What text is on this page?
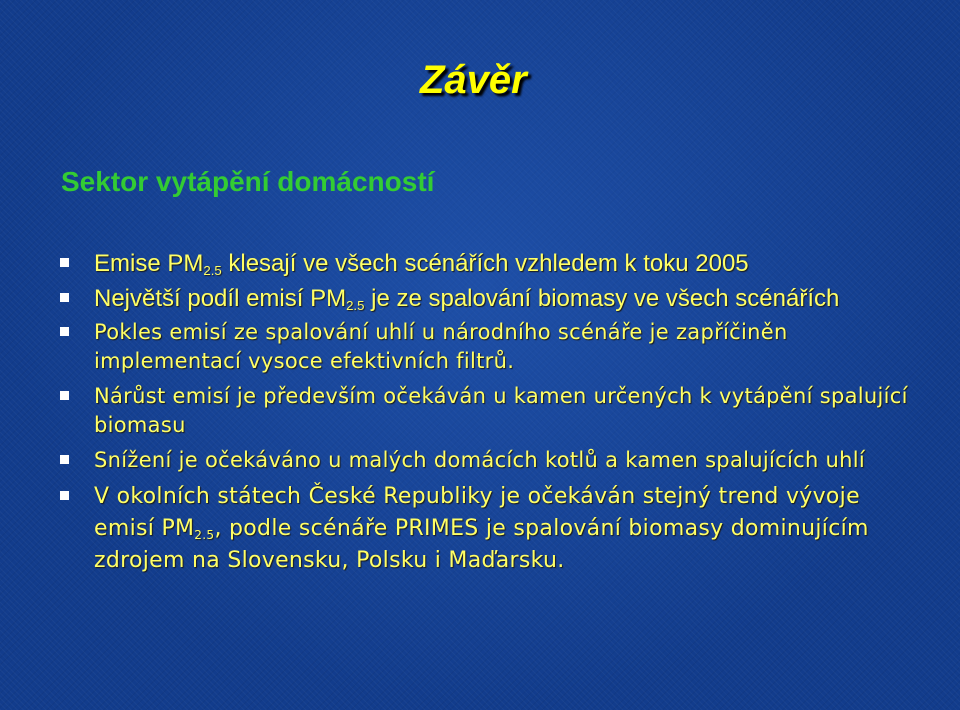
Závěr
Sektor vytápění domácností
Emise $PM_{2.5}$ klesají ve všech scénářích vzhledem k toku 2005
Největší podíl emisí $PM_{2.5}$ je ze spalování biomasy ve všech scénářích
Pokles emisí ze spalování uhlí u národního scénáře je zapříčiněn implementací vysoce efektivních filtrů.
Nárůst emisí je především očekáván u kamen určených k vytápění spalující biomasu
Snížení je očekáváno u malých domácích kotlů a kamen spalujících uhlí
V okolních státech České Republiky je očekáván stejný trend vývoje emisí $PM_{2.5}$, podle scénáře PRIMES je spalování biomasy dominujícím zdrojem na Slovensku, Polsku i Maďarsku.
